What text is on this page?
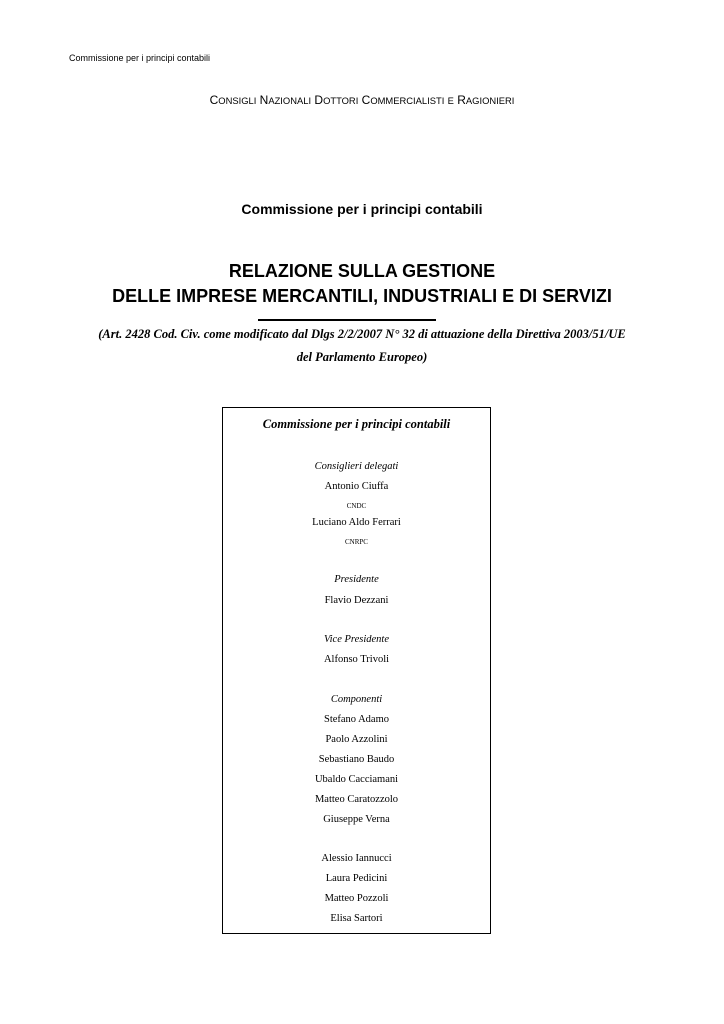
Commissione per i principi contabili
CONSIGLI NAZIONALI DOTTORI COMMERCIALISTI E RAGIONIERI
Commissione per i principi contabili
RELAZIONE SULLA GESTIONE
DELLE IMPRESE MERCANTILI, INDUSTRIALI E DI SERVIZI
(Art. 2428 Cod. Civ. come modificato dal Dlgs 2/2/2007 N° 32 di attuazione della Direttiva 2003/51/UE
del Parlamento Europeo)
Commissione per i principi contabili
Consiglieri delegati
Antonio Ciuffa
CNDC
Luciano Aldo Ferrari
CNRPC
Presidente
Flavio Dezzani
Vice Presidente
Alfonso Trivoli
Componenti
Stefano Adamo
Paolo Azzolini
Sebastiano Baudo
Ubaldo Cacciamani
Matteo Caratozzolo
Giuseppe Verna
Alessio Iannucci
Laura Pedicini
Matteo Pozzoli
Elisa Sartori
